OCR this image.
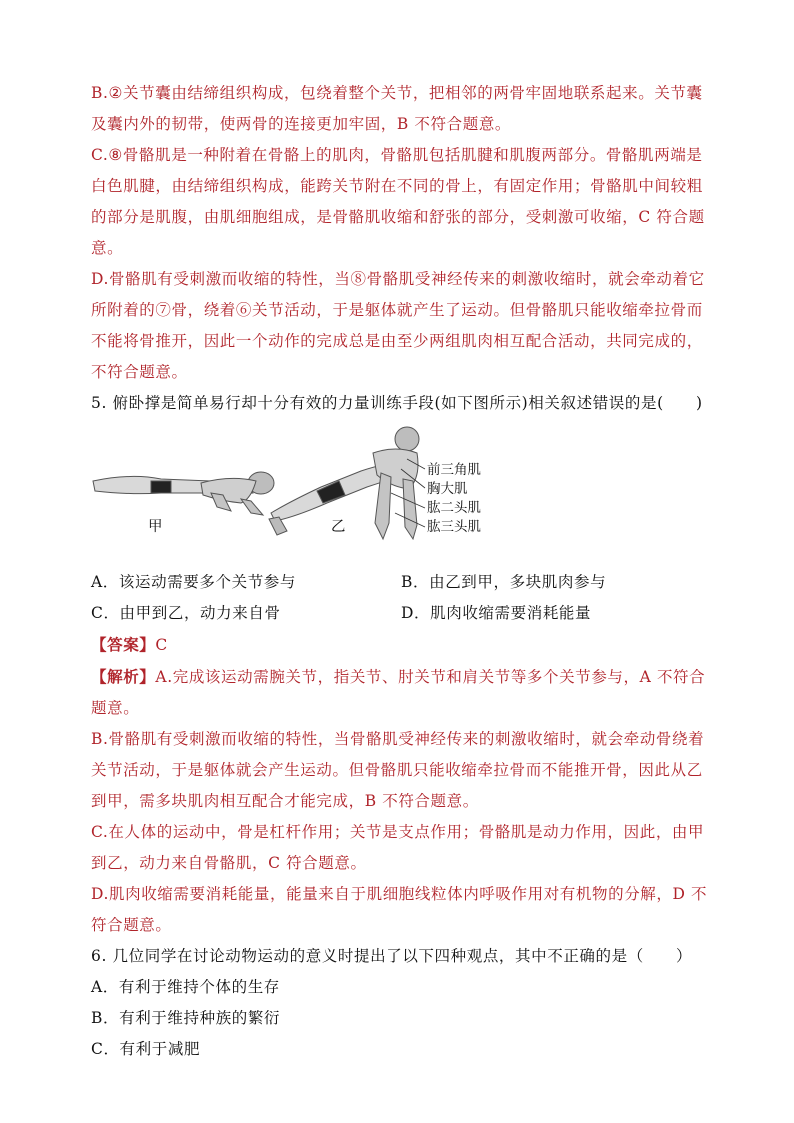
B.②关节囊由结缔组织构成，包绕着整个关节，把相邻的两骨牢固地联系起来。关节囊

及囊内外的韧带，使两骨的连接更加牢固，B 不符合题意。

C.⑧骨骼肌是一种附着在骨骼上的肌肉，骨骼肌包括肌腱和肌腹两部分。骨骼肌两端是

白色肌腱，由结缔组织构成，能跨关节附在不同的骨上，有固定作用；骨骼肌中间较粗

的部分是肌腹，由肌细胞组成，是骨骼肌收缩和舒张的部分，受刺激可收缩，C 符合题

意。

D.骨骼肌有受刺激而收缩的特性，当⑧骨骼肌受神经传来的刺激收缩时，就会牵动着它

所附着的⑦骨，绕着⑥关节活动，于是躯体就产生了运动。但骨骼肌只能收缩牵拉骨而

不能将骨推开，因此一个动作的完成总是由至少两组肌肉相互配合活动，共同完成的，

不符合题意。

5. 俯卧撑是简单易行却十分有效的力量训练手段(如下图所示)相关叙述错误的是(　　)

甲	乙
前三角肌
胸大肌
肱二头肌
肱三头肌
A．该运动需要多个关节参与	B．由乙到甲，多块肌肉参与
C．由甲到乙，动力来自骨	D．肌肉收缩需要消耗能量

【答案】C

【解析】A.完成该运动需腕关节，指关节、肘关节和肩关节等多个关节参与，A 不符合

题意。

B.骨骼肌有受刺激而收缩的特性，当骨骼肌受神经传来的刺激收缩时，就会牵动骨绕着

关节活动，于是躯体就会产生运动。但骨骼肌只能收缩牵拉骨而不能推开骨，因此从乙

到甲，需多块肌肉相互配合才能完成，B 不符合题意。

C.在人体的运动中，骨是杠杆作用；关节是支点作用；骨骼肌是动力作用，因此，由甲

到乙，动力来自骨骼肌，C 符合题意。

D.肌肉收缩需要消耗能量，能量来自于肌细胞线粒体内呼吸作用对有机物的分解，D 不

符合题意。

6. 几位同学在讨论动物运动的意义时提出了以下四种观点，其中不正确的是（　　）

A．有利于维持个体的生存

B．有利于维持种族的繁衍

C．有利于减肥
